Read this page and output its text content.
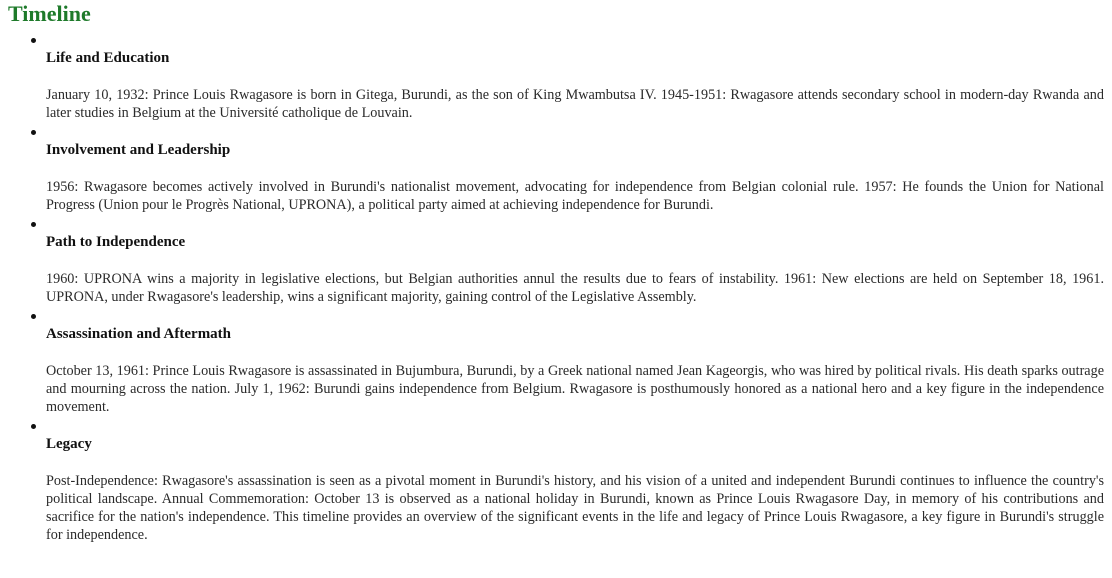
Timeline
Life and Education

January 10, 1932: Prince Louis Rwagasore is born in Gitega, Burundi, as the son of King Mwambutsa IV. 1945-1951: Rwagasore attends secondary school in modern-day Rwanda and later studies in Belgium at the Université catholique de Louvain.

Involvement and Leadership

1956: Rwagasore becomes actively involved in Burundi's nationalist movement, advocating for independence from Belgian colonial rule. 1957: He founds the Union for National Progress (Union pour le Progrès National, UPRONA), a political party aimed at achieving independence for Burundi.

Path to Independence

1960: UPRONA wins a majority in legislative elections, but Belgian authorities annul the results due to fears of instability. 1961: New elections are held on September 18, 1961. UPRONA, under Rwagasore's leadership, wins a significant majority, gaining control of the Legislative Assembly.

Assassination and Aftermath

October 13, 1961: Prince Louis Rwagasore is assassinated in Bujumbura, Burundi, by a Greek national named Jean Kageorgis, who was hired by political rivals. His death sparks outrage and mourning across the nation. July 1, 1962: Burundi gains independence from Belgium. Rwagasore is posthumously honored as a national hero and a key figure in the independence movement.

Legacy

Post-Independence: Rwagasore's assassination is seen as a pivotal moment in Burundi's history, and his vision of a united and independent Burundi continues to influence the country's political landscape. Annual Commemoration: October 13 is observed as a national holiday in Burundi, known as Prince Louis Rwagasore Day, in memory of his contributions and sacrifice for the nation's independence. This timeline provides an overview of the significant events in the life and legacy of Prince Louis Rwagasore, a key figure in Burundi's struggle for independence.
